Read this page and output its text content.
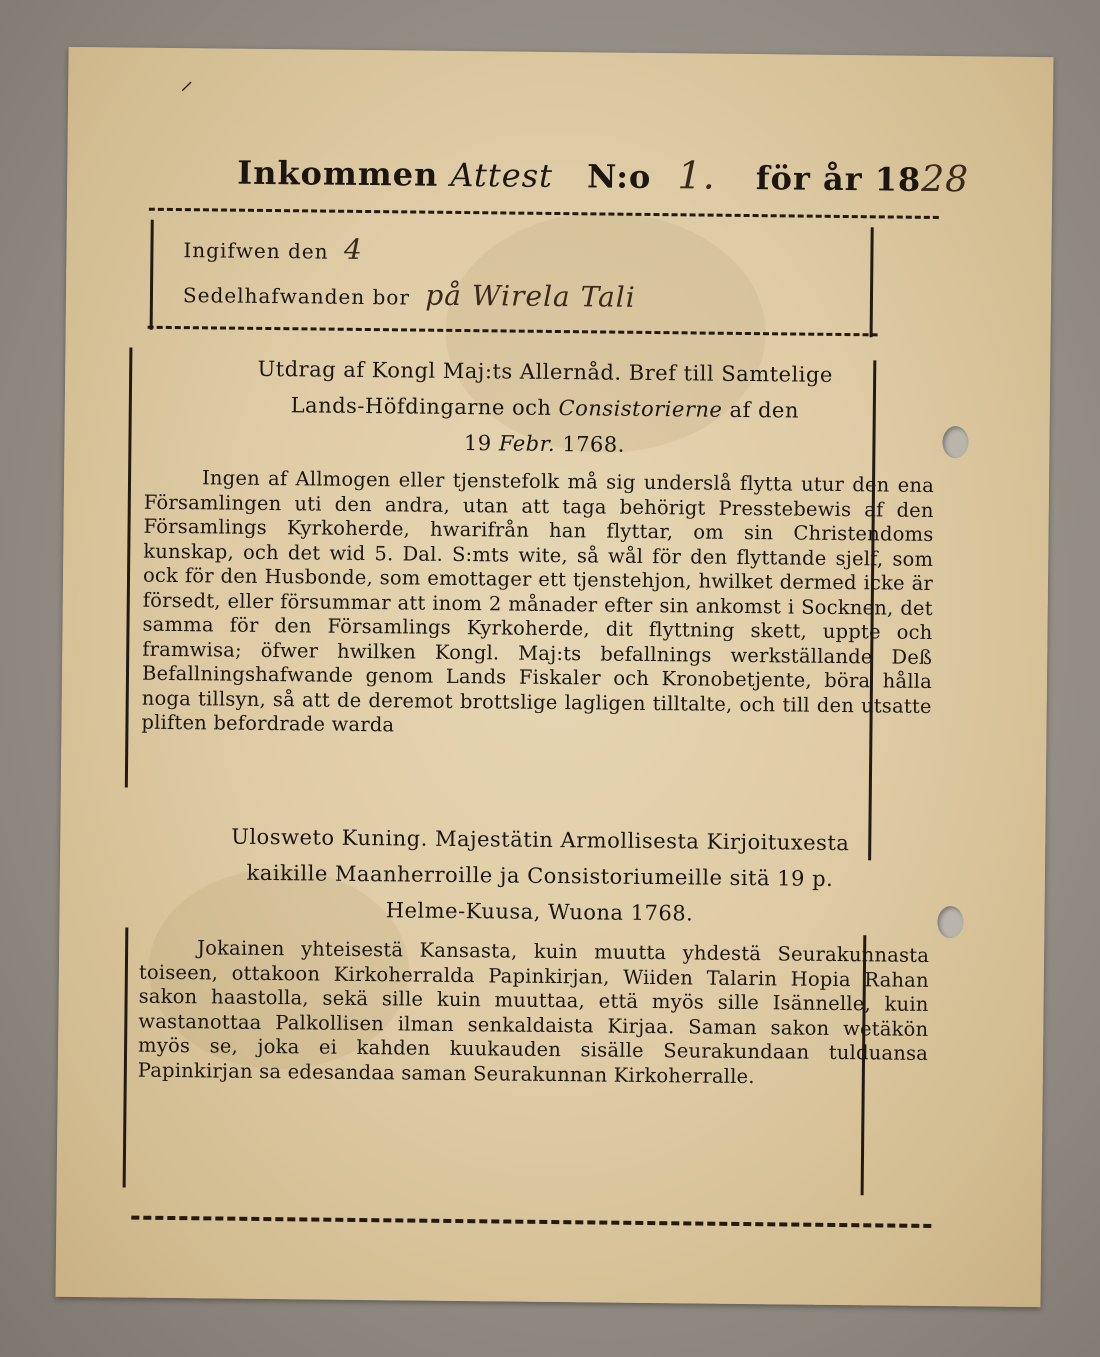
⸍
Inkommen Attest N:o 1. för år 1828
Ingifwen den 4
Sedelhafwanden bor på Wirela Tali
Utdrag af Kongl Maj:ts Allernåd. Bref till Samtelige
Lands-Höfdingarne och Consistorierne af den
19 Febr. 1768.
Ingen af Allmogen eller tjenstefolk må sig underslå flytta utur den ena Församlingen uti den andra, utan att taga behörigt Presstebewis af den Församlings Kyrkoherde, hwarifrån han flyttar, om sin Christendoms kunskap, och det wid 5. Dal. S:mts wite, så wål för den flyttande sjelf, som ock för den Husbonde, som emottager ett tjenstehjon, hwilket dermed icke är försedt, eller försummar att inom 2 månader efter sin ankomst i Socknen, det samma för den Församlings Kyrkoherde, dit flyttning skett, uppte och framwisa; öfwer hwilken Kongl. Maj:ts befallnings werkställande Deß Befallningshafwande genom Lands Fiskaler och Kronobetjente, böra hålla noga tillsyn, så att de deremot brottslige lagligen tilltalte, och till den utsatte pliften befordrade warda
Ulosweto Kuning. Majestätin Armollisesta Kirjoituxesta
kaikille Maanherroille ja Consistoriumeille sitä 19 p.
Helme-Kuusa, Wuona 1768.
Jokainen yhteisestä Kansasta, kuin muutta yhdestä Seurakunnasta toiseen, ottakoon Kirkoherralda Papinkirjan, Wiiden Talarin Hopia Rahan sakon haastolla, sekä sille kuin muuttaa, että myös sille Isännelle, kuin wastanottaa Palkollisen ilman senkaldaista Kirjaa. Saman sakon wetäkön myös se, joka ei kahden kuukauden sisälle Seurakundaan tulduansa Papinkirjan sa edesandaa saman Seurakunnan Kirkoherralle.
